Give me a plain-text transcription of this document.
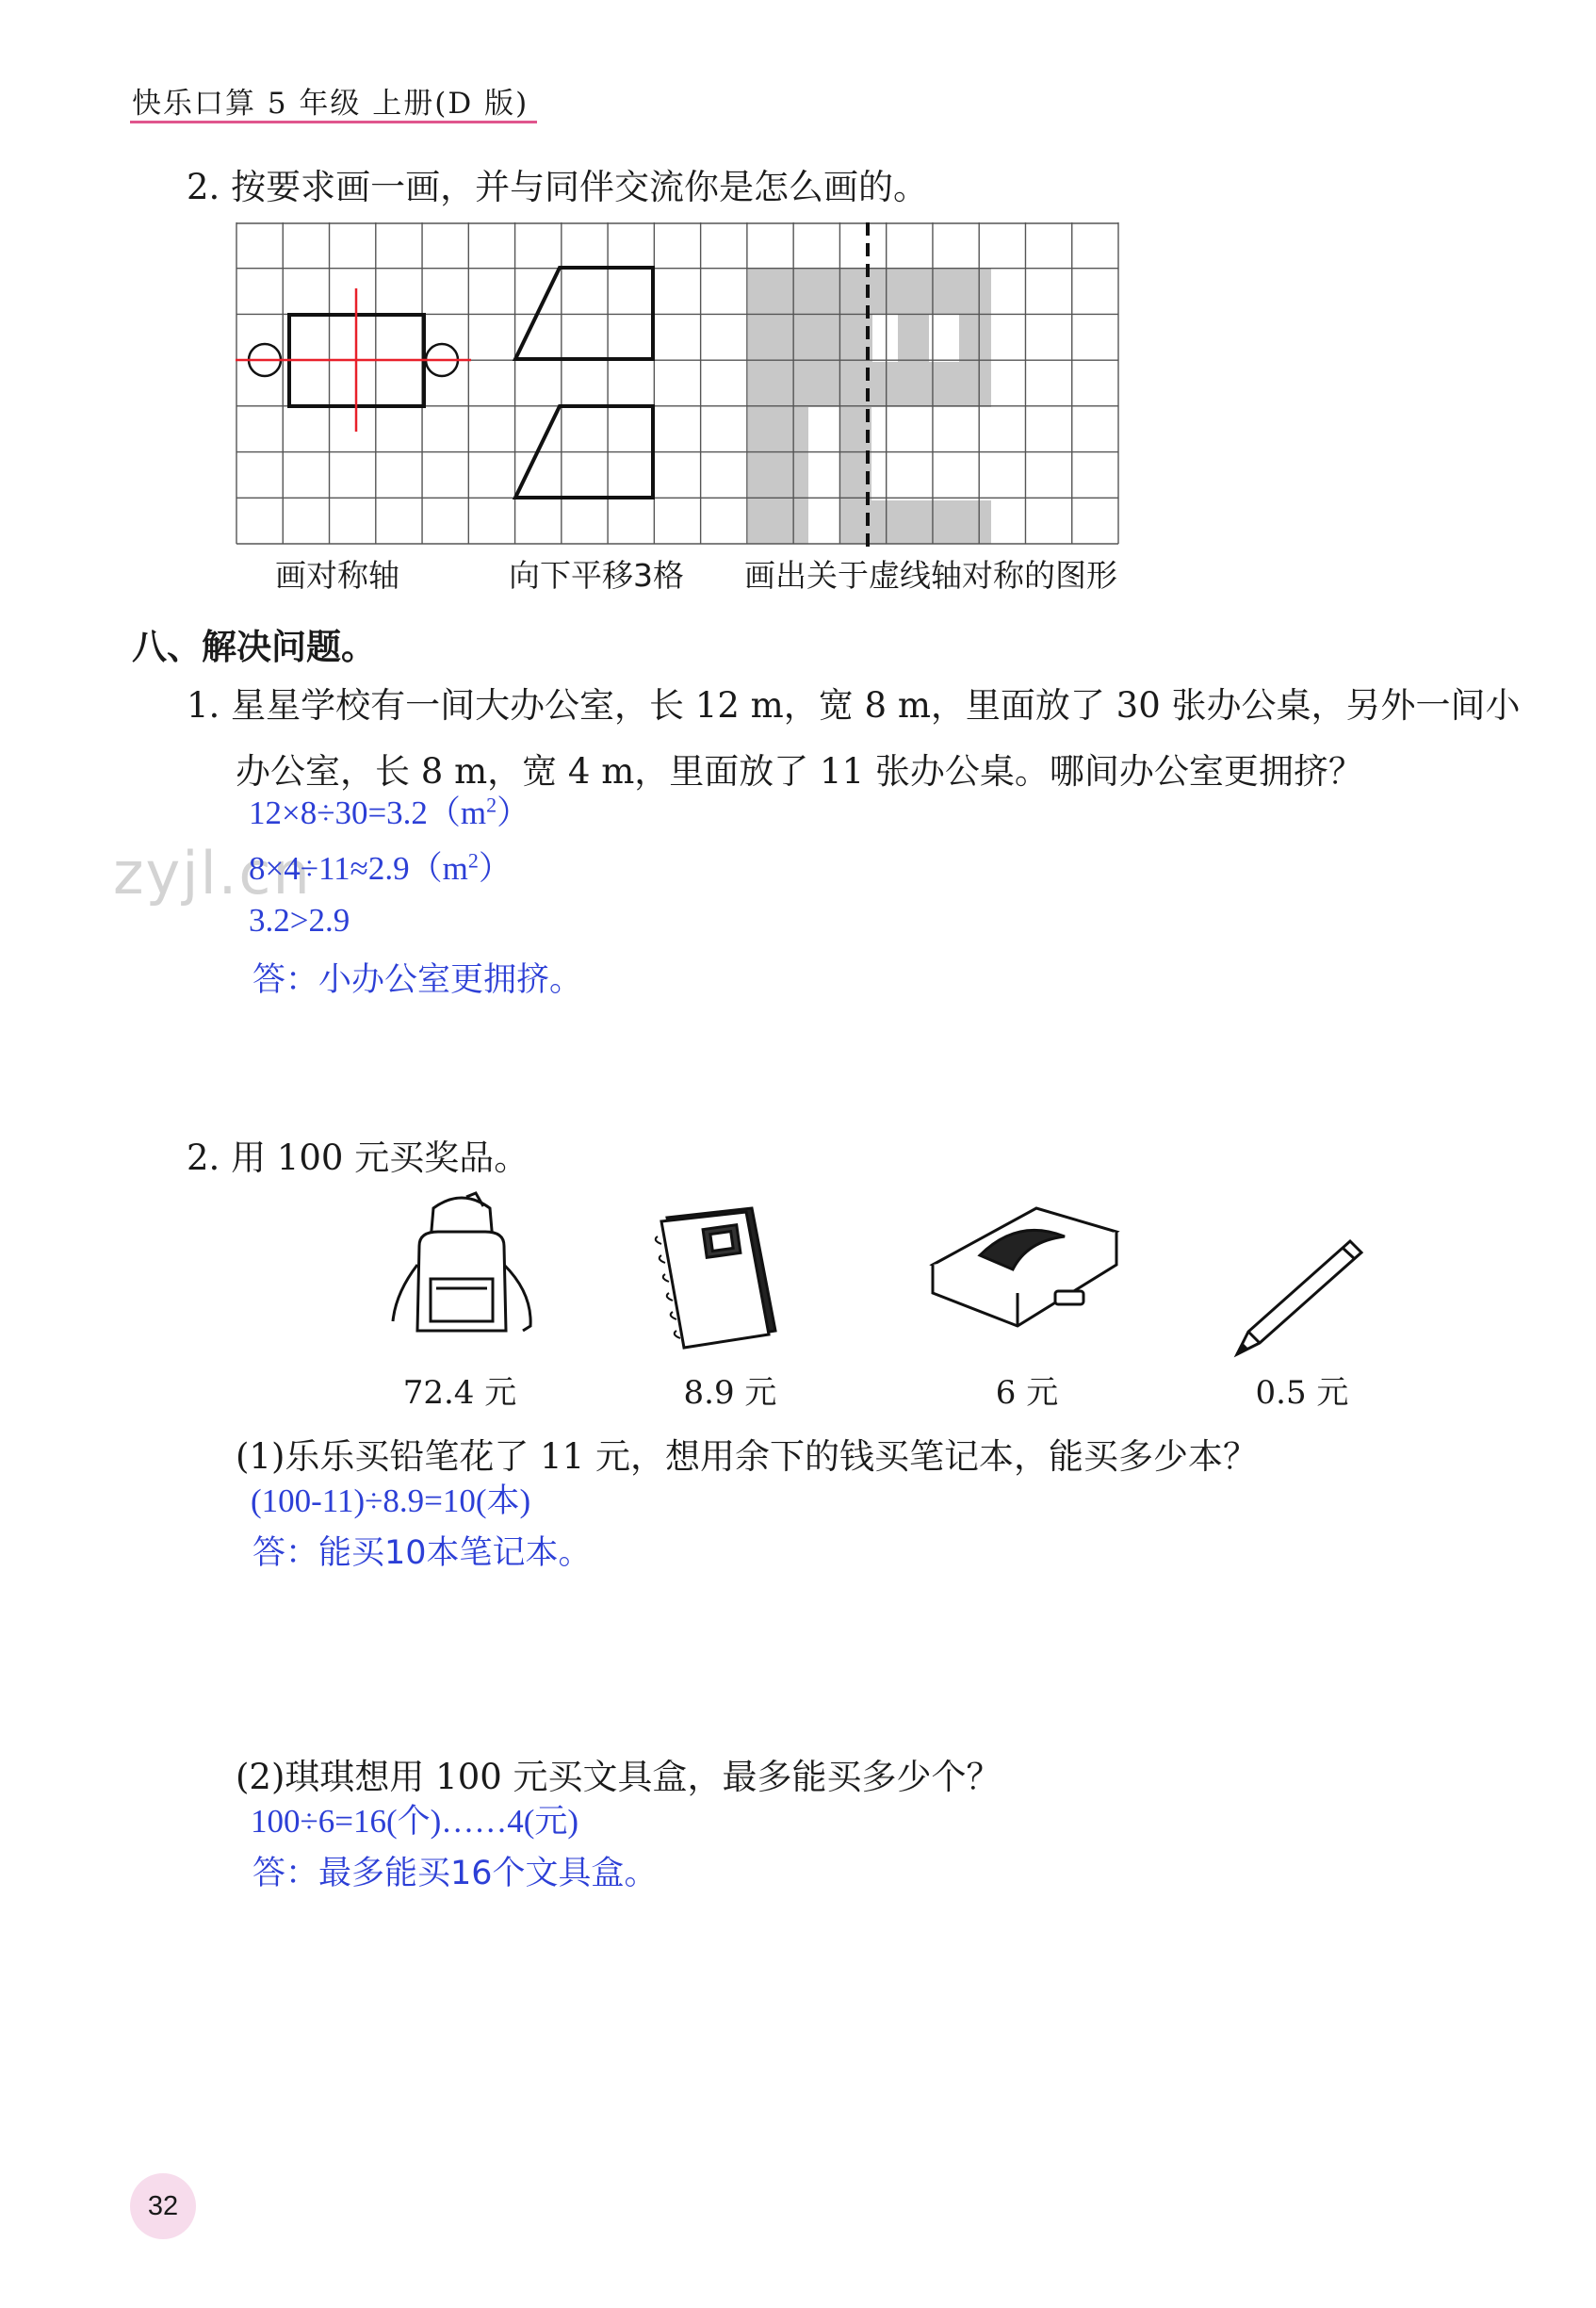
快乐口算 5 年级 上册(D 版)
2. 按要求画一画，并与同伴交流你是怎么画的。
画对称轴	向下平移3格 画出关于虚线轴对称的图形
八、解决问题。
1. 星星学校有一间大办公室，长 12 m，宽 8 m，里面放了 30 张办公桌，另外一间小
办公室，长 8 m，宽 4 m，里面放了 11 张办公桌。哪间办公室更拥挤？
$12\times 8\div 30=3.2(m^2)$
zyjl.cn
$8\times 4\div 11\approx 2.9(m^2)$
3.2>2.9
答：小办公室更拥挤。
2. 用 100 元买奖品。
72.4 元	8.9 元	6 元	0.5 元
(1)乐乐买铅笔花了 11 元，想用余下的钱买笔记本，能买多少本？
(100-11)÷8.9=10(本)
答：能买10本笔记本。
(2)琪琪想用 100 元买文具盒，最多能买多少个？
100÷6=16(个)……4(元)
答：最多能买16个文具盒。
32
